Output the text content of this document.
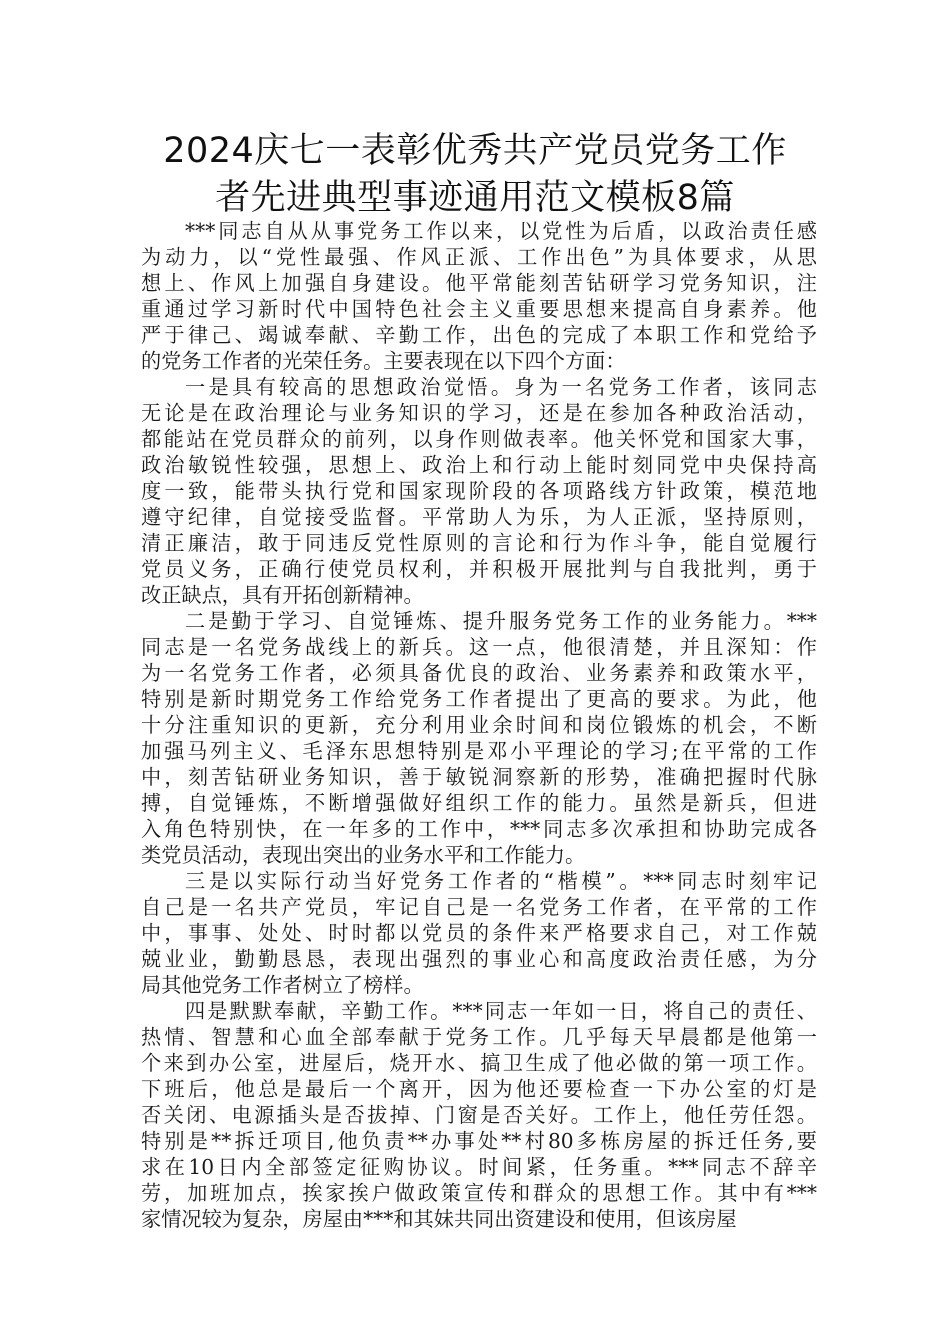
2024庆七一表彰优秀共产党员党务工作
者先进典型事迹通用范文模板8篇

***同志自从从事党务工作以来，以党性为后盾，以政治责任感
为动力，以“党性最强、作风正派、工作出色”为具体要求，从思
想上、作风上加强自身建设。他平常能刻苦钻研学习党务知识，注
重通过学习新时代中国特色社会主义重要思想来提高自身素养。他
严于律己、竭诚奉献、辛勤工作，出色的完成了本职工作和党给予
的党务工作者的光荣任务。主要表现在以下四个方面：

一是具有较高的思想政治觉悟。身为一名党务工作者，该同志
无论是在政治理论与业务知识的学习，还是在参加各种政治活动，
都能站在党员群众的前列，以身作则做表率。他关怀党和国家大事，
政治敏锐性较强，思想上、政治上和行动上能时刻同党中央保持高
度一致，能带头执行党和国家现阶段的各项路线方针政策，模范地
遵守纪律，自觉接受监督。平常助人为乐，为人正派，坚持原则，
清正廉洁，敢于同违反党性原则的言论和行为作斗争，能自觉履行
党员义务，正确行使党员权利，并积极开展批判与自我批判，勇于
改正缺点，具有开拓创新精神。

二是勤于学习、自觉锤炼、提升服务党务工作的业务能力。***
同志是一名党务战线上的新兵。这一点，他很清楚，并且深知：作
为一名党务工作者，必须具备优良的政治、业务素养和政策水平，
特别是新时期党务工作给党务工作者提出了更高的要求。为此，他
十分注重知识的更新，充分利用业余时间和岗位锻炼的机会，不断
加强马列主义、毛泽东思想特别是邓小平理论的学习;在平常的工作
中，刻苦钻研业务知识，善于敏锐洞察新的形势，准确把握时代脉
搏，自觉锤炼，不断增强做好组织工作的能力。虽然是新兵，但进
入角色特别快，在一年多的工作中，***同志多次承担和协助完成各
类党员活动，表现出突出的业务水平和工作能力。

三是以实际行动当好党务工作者的“楷模”。***同志时刻牢记
自己是一名共产党员，牢记自己是一名党务工作者，在平常的工作
中，事事、处处、时时都以党员的条件来严格要求自己，对工作兢
兢业业，勤勤恳恳，表现出强烈的事业心和高度政治责任感，为分
局其他党务工作者树立了榜样。

四是默默奉献，辛勤工作。***同志一年如一日，将自己的责任、
热情、智慧和心血全部奉献于党务工作。几乎每天早晨都是他第一
个来到办公室，进屋后，烧开水、搞卫生成了他必做的第一项工作。
下班后，他总是最后一个离开，因为他还要检查一下办公室的灯是
否关闭、电源插头是否拔掉、门窗是否关好。工作上，他任劳任怨。
特别是**拆迁项目,他负责**办事处**村80多栋房屋的拆迁任务,要
求在10日内全部签定征购协议。时间紧，任务重。***同志不辞辛
劳，加班加点，挨家挨户做政策宣传和群众的思想工作。其中有***
家情况较为复杂，房屋由***和其妹共同出资建设和使用，但该房屋
